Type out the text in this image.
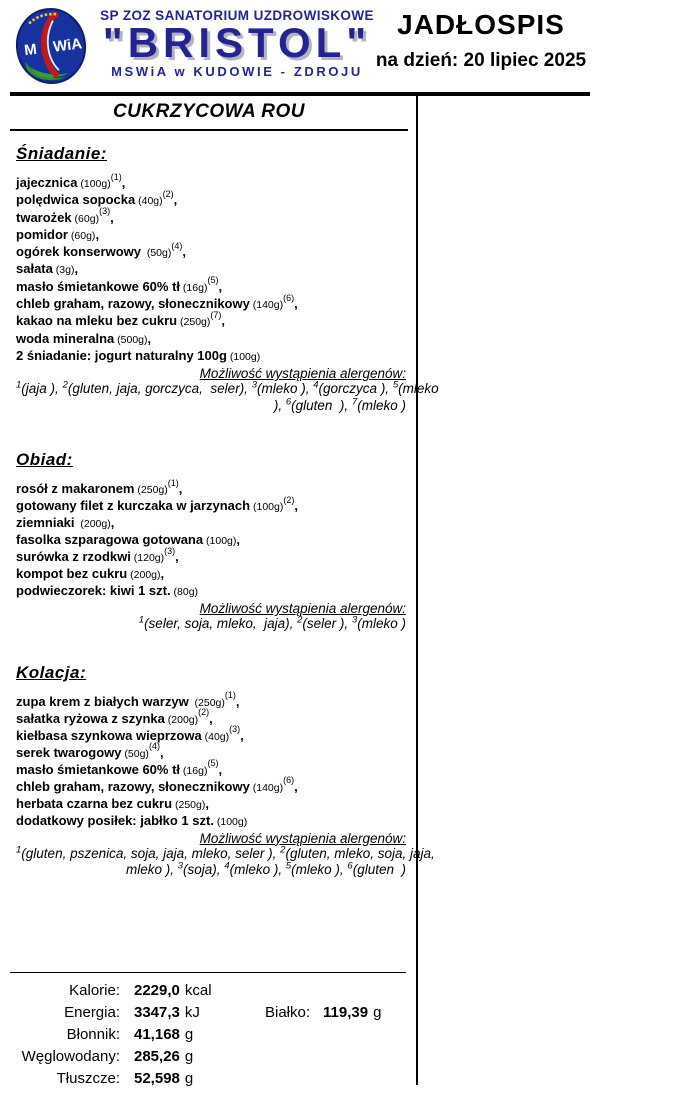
M WiA
SP ZOZ SANATORIUM UZDROWISKOWE
"BRISTOL"
MSWiA w KUDOWIE - ZDROJU
JADŁOSPIS
na dzień: 20 lipiec 2025
CUKRZYCOWA ROU
Śniadanie:
jajecznica $(100g)^{(1)}$,
polędwica sopocka $(40g)^{(2)}$,
twarożek $(60g)^{(3)}$,
pomidor (60g),
ogórek konserwowy  $(50g)^{(4)}$,
sałata (3g),
masło śmietankowe 60% tł $(16g)^{(5)}$,
chleb graham, razowy, słonecznikowy $(140g)^{(6)}$,
kakao na mleku bez cukru $(250g)^{(7)}$,
woda mineralna (500g),
2 śniadanie: jogurt naturalny 100g (100g)
Możliwość wystąpienia alergenów:
$^1$(jaja ), $^2$(gluten, jaja, gorczyca,  seler), $^3$(mleko ), $^4$(gorczyca ), $^5$(mleko
), $^6$(gluten  ), $^7$(mleko )
Obiad:
rosół z makaronem $(250g)^{(1)}$,
gotowany filet z kurczaka w jarzynach $(100g)^{(2)}$,
ziemniaki  (200g),
fasolka szparagowa gotowana (100g),
surówka z rzodkwi $(120g)^{(3)}$,
kompot bez cukru (200g),
podwieczorek: kiwi 1 szt. (80g)
Możliwość wystąpienia alergenów:
$^1$(seler, soja, mleko,  jaja), $^2$(seler ), $^3$(mleko )
Kolacja:
zupa krem z białych warzyw  $(250g)^{(1)}$,
sałatka ryżowa z szynka $(200g)^{(2)}$,
kiełbasa szynkowa wieprzowa $(40g)^{(3)}$,
serek twarogowy $(50g)^{(4)}$,
masło śmietankowe 60% tł $(16g)^{(5)}$,
chleb graham, razowy, słonecznikowy $(140g)^{(6)}$,
herbata czarna bez cukru (250g),
dodatkowy posiłek: jabłko 1 szt. (100g)
Możliwość wystąpienia alergenów:
$^1$(gluten, pszenica, soja, jaja, mleko, seler ), $^2$(gluten, mleko, soja, jaja,
mleko ), $^3$(soja), $^4$(mleko ), $^5$(mleko ), $^6$(gluten  )
Kalorie: 2229,0 kcal
Energia: 3347,3 kJ	Białko: 119,39 g
Błonnik: 41,168 g
Węglowodany: 285,26 g
Tłuszcze: 52,598 g
